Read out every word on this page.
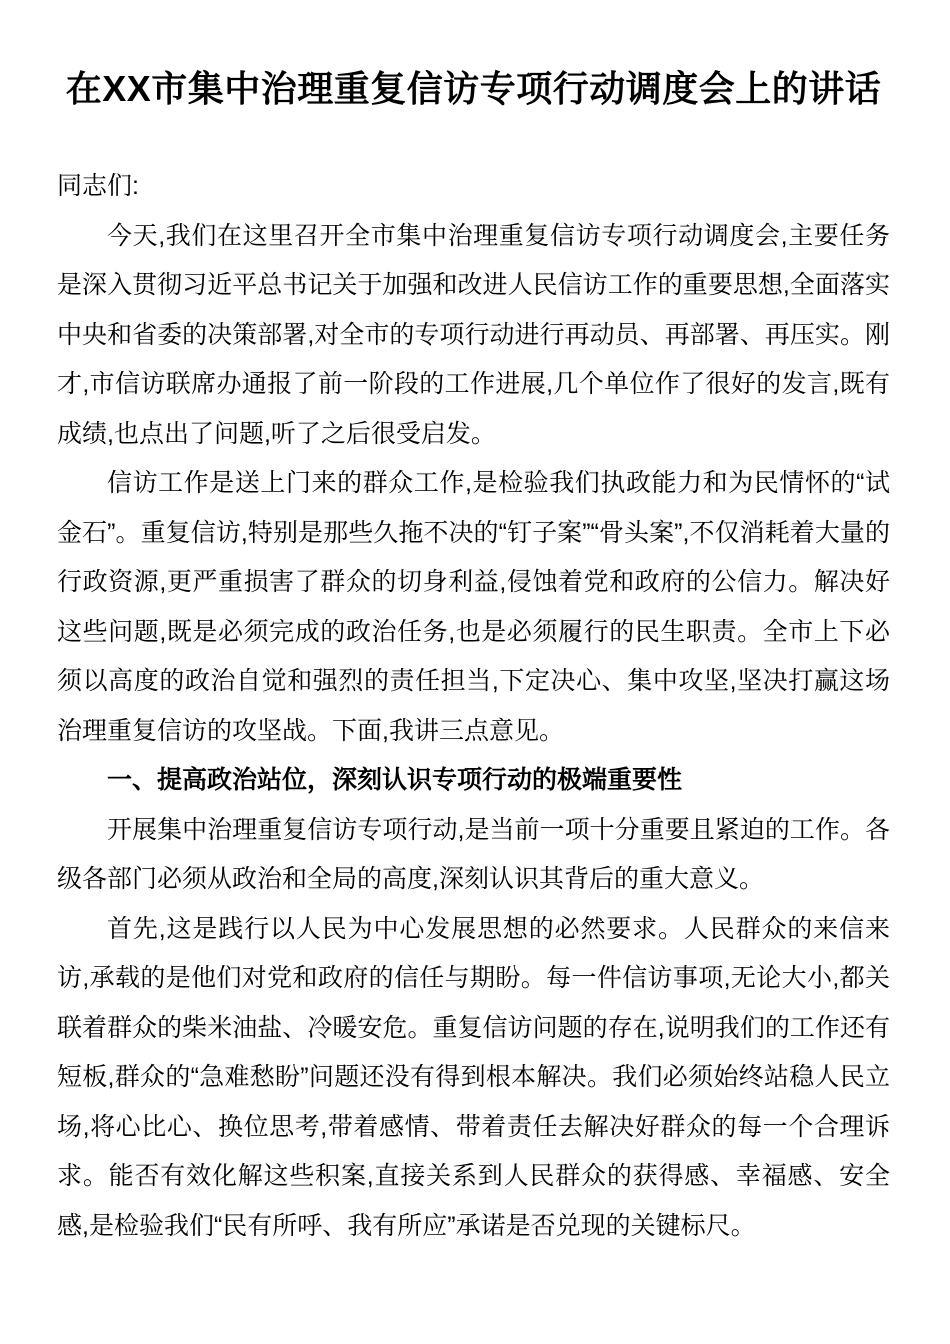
在XX市集中治理重复信访专项行动调度会上的讲话

同志们:

今天,我们在这里召开全市集中治理重复信访专项行动调度会,主要任务是深入贯彻习近平总书记关于加强和改进人民信访工作的重要思想,全面落实中央和省委的决策部署,对全市的专项行动进行再动员、再部署、再压实。刚才,市信访联席办通报了前一阶段的工作进展,几个单位作了很好的发言,既有成绩,也点出了问题,听了之后很受启发。

信访工作是送上门来的群众工作,是检验我们执政能力和为民情怀的“试金石”。重复信访,特别是那些久拖不决的“钉子案”“骨头案”,不仅消耗着大量的行政资源,更严重损害了群众的切身利益,侵蚀着党和政府的公信力。解决好这些问题,既是必须完成的政治任务,也是必须履行的民生职责。全市上下必须以高度的政治自觉和强烈的责任担当,下定决心、集中攻坚,坚决打赢这场治理重复信访的攻坚战。下面,我讲三点意见。

一、提高政治站位，深刻认识专项行动的极端重要性

开展集中治理重复信访专项行动,是当前一项十分重要且紧迫的工作。各级各部门必须从政治和全局的高度,深刻认识其背后的重大意义。

首先,这是践行以人民为中心发展思想的必然要求。人民群众的来信来访,承载的是他们对党和政府的信任与期盼。每一件信访事项,无论大小,都关联着群众的柴米油盐、冷暖安危。重复信访问题的存在,说明我们的工作还有短板,群众的“急难愁盼”问题还没有得到根本解决。我们必须始终站稳人民立场,将心比心、换位思考,带着感情、带着责任去解决好群众的每一个合理诉求。能否有效化解这些积案,直接关系到人民群众的获得感、幸福感、安全感,是检验我们“民有所呼、我有所应”承诺是否兑现的关键标尺。
